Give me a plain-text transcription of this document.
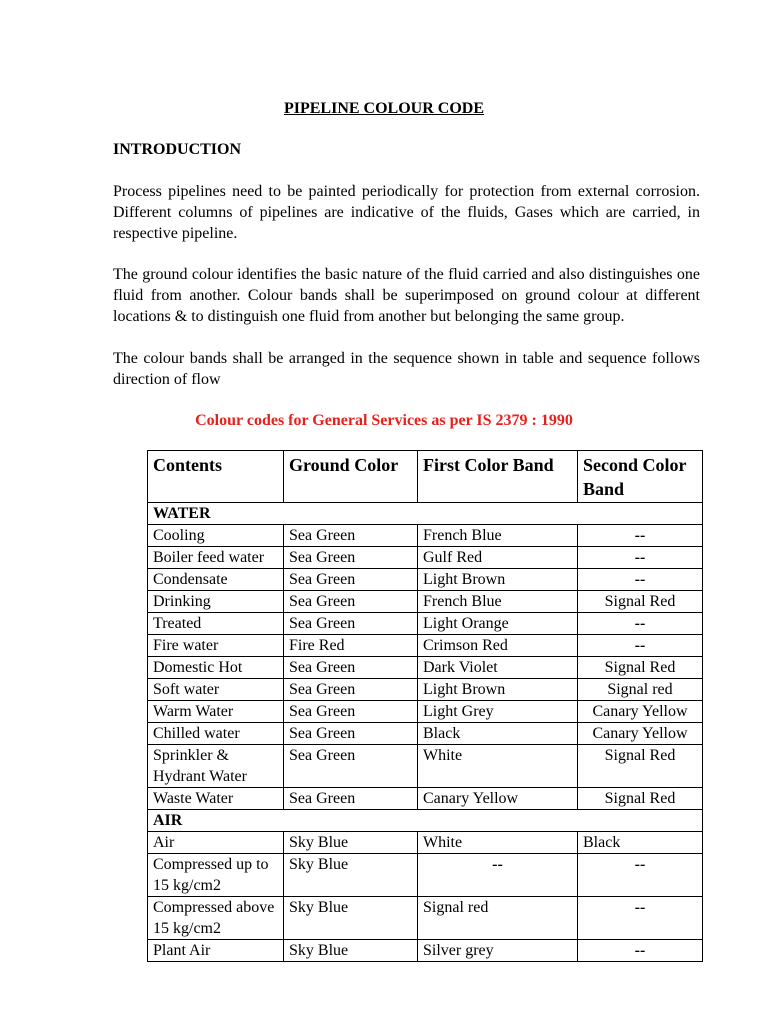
PIPELINE COLOUR CODE
INTRODUCTION

Process pipelines need to be painted periodically for protection from external corrosion. Different columns of pipelines are indicative of the fluids, Gases which are carried, in respective pipeline.

The ground colour identifies the basic nature of the fluid carried and also distinguishes one fluid from another. Colour bands shall be superimposed on ground colour at different locations & to distinguish one fluid from another but belonging the same group.

The colour bands shall be arranged in the sequence shown in table and sequence follows direction of flow

Colour codes for General Services as per IS 2379 : 1990
Contents	Ground Color	First Color Band	Second Color Band
WATER			
Cooling	Sea Green	French Blue	--
Boiler feed water	Sea Green	Gulf Red	--
Condensate	Sea Green	Light Brown	--
Drinking	Sea Green	French Blue	Signal Red
Treated	Sea Green	Light Orange	--
Fire water	Fire Red	Crimson Red	--
Domestic Hot	Sea Green	Dark Violet	Signal Red
Soft water	Sea Green	Light Brown	Signal red
Warm Water	Sea Green	Light Grey	Canary Yellow
Chilled water	Sea Green	Black	Canary Yellow
Sprinkler & Hydrant Water	Sea Green	White	Signal Red
Waste Water	Sea Green	Canary Yellow	Signal Red
AIR			
Air	Sky Blue	White	Black
Compressed up to 15 kg/cm2	Sky Blue	--	--
Compressed above 15 kg/cm2	Sky Blue	Signal red	--
Plant Air	Sky Blue	Silver grey	--
